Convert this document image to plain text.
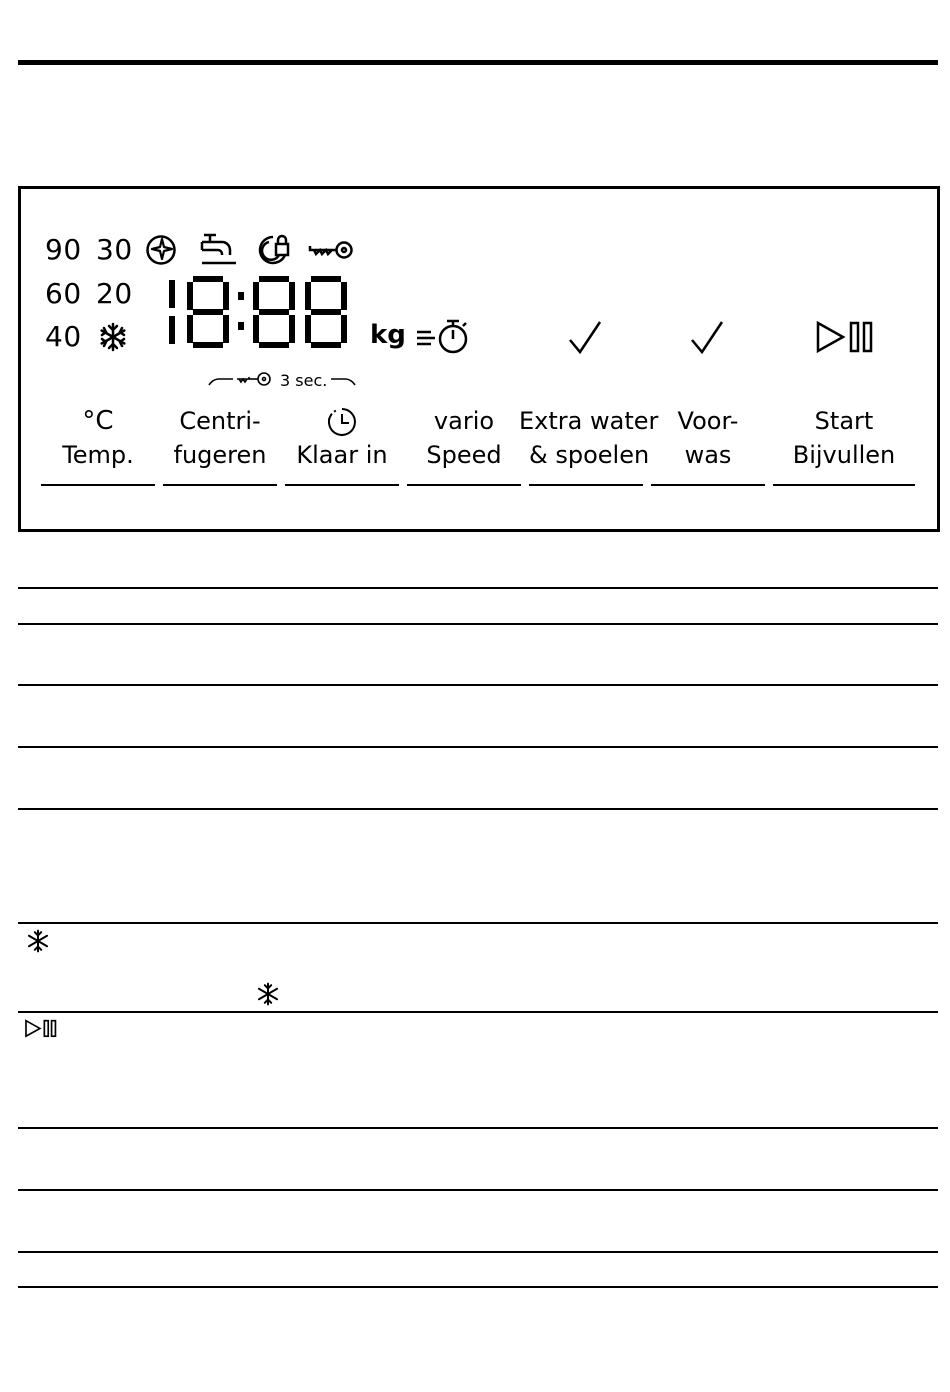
90 30
60 20
40	kg
3 sec.
°C
Temp.
Centri-
fugeren	Klaar in
vario
Speed
Extra water
& spoelen
Voor-
was
Start
Bijvullen
